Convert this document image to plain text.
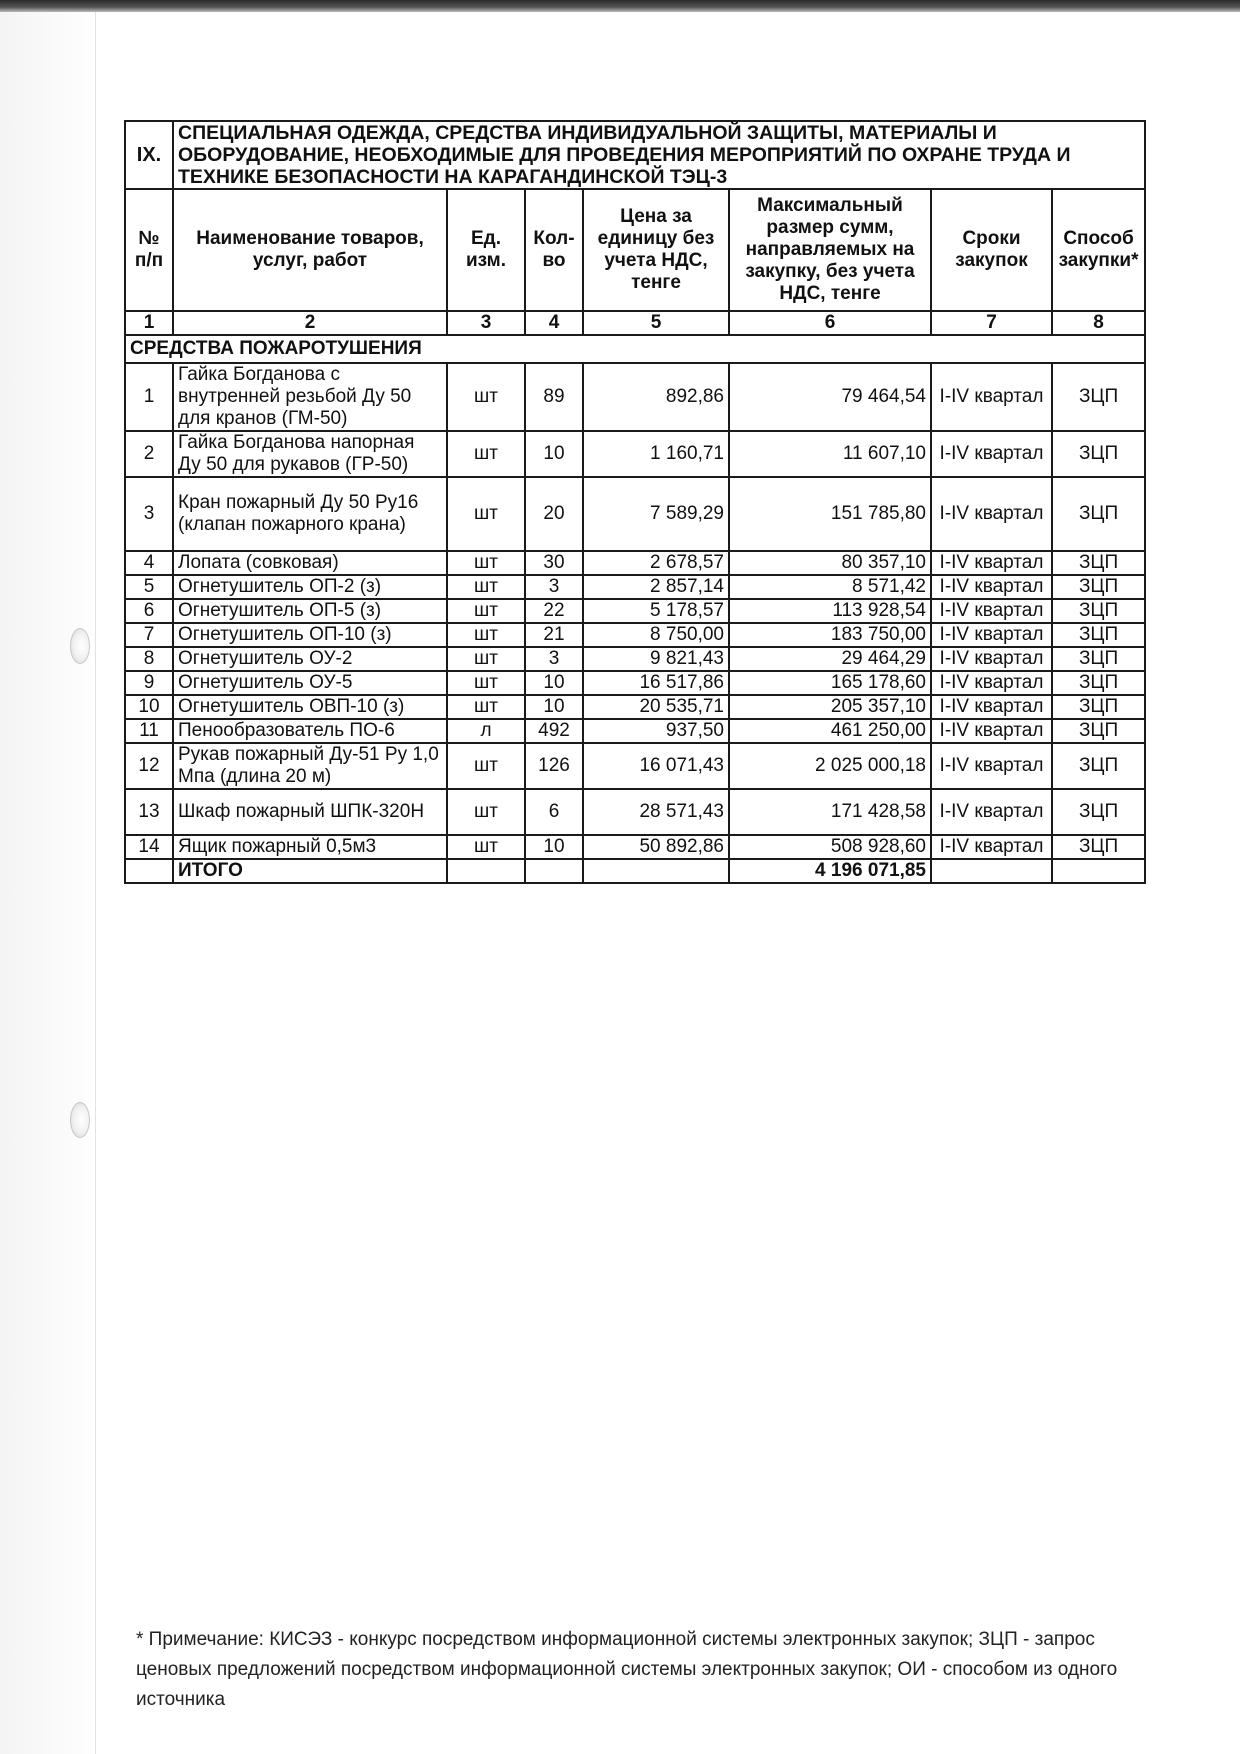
IX.	СПЕЦИАЛЬНАЯ ОДЕЖДА, СРЕДСТВА ИНДИВИДУАЛЬНОЙ ЗАЩИТЫ, МАТЕРИАЛЫ И ОБОРУДОВАНИЕ, НЕОБХОДИМЫЕ ДЛЯ ПРОВЕДЕНИЯ МЕРОПРИЯТИЙ ПО ОХРАНЕ ТРУДА И ТЕХНИКЕ БЕЗОПАСНОСТИ НА КАРАГАНДИНСКОЙ ТЭЦ-3						
№ п/п	Наименование товаров, услуг, работ	Ед. изм.	Кол-во	Цена за единицу без учета НДС, тенге	Максимальный размер сумм, направляемых на закупку, без учета НДС, тенге	Сроки закупок	Способ закупки*
1	2	3	4	5	6	7	8
СРЕДСТВА ПОЖАРОТУШЕНИЯ							
1	Гайка Богданова с внутренней резьбой Ду 50 для кранов (ГМ-50)	шт	89	892,86	79 464,54	I-IV квартал	ЗЦП
2	Гайка Богданова напорная Ду 50 для рукавов (ГР-50)	шт	10	1 160,71	11 607,10	I-IV квартал	ЗЦП
3	Кран пожарный Ду 50 Ру16 (клапан пожарного крана)	шт	20	7 589,29	151 785,80	I-IV квартал	ЗЦП
4	Лопата (совковая)	шт	30	2 678,57	80 357,10	I-IV квартал	ЗЦП
5	Огнетушитель ОП-2 (з)	шт	3	2 857,14	8 571,42	I-IV квартал	ЗЦП
6	Огнетушитель ОП-5 (з)	шт	22	5 178,57	113 928,54	I-IV квартал	ЗЦП
7	Огнетушитель ОП-10 (з)	шт	21	8 750,00	183 750,00	I-IV квартал	ЗЦП
8	Огнетушитель ОУ-2	шт	3	9 821,43	29 464,29	I-IV квартал	ЗЦП
9	Огнетушитель ОУ-5	шт	10	16 517,86	165 178,60	I-IV квартал	ЗЦП
10	Огнетушитель ОВП-10 (з)	шт	10	20 535,71	205 357,10	I-IV квартал	ЗЦП
11	Пенообразователь ПО-6	л	492	937,50	461 250,00	I-IV квартал	ЗЦП
12	Рукав пожарный Ду-51 Ру 1,0 Мпа (длина 20 м)	шт	126	16 071,43	2 025 000,18	I-IV квартал	ЗЦП
13	Шкаф пожарный ШПК-320Н	шт	6	28 571,43	171 428,58	I-IV квартал	ЗЦП
14	Ящик пожарный 0,5м3	шт	10	50 892,86	508 928,60	I-IV квартал	ЗЦП
	ИТОГО				4 196 071,85		
* Примечание: КИСЭЗ - конкурс посредством информационной системы электронных закупок; ЗЦП - запрос ценовых предложений посредством информационной системы электронных закупок; ОИ - способом из одного источника
